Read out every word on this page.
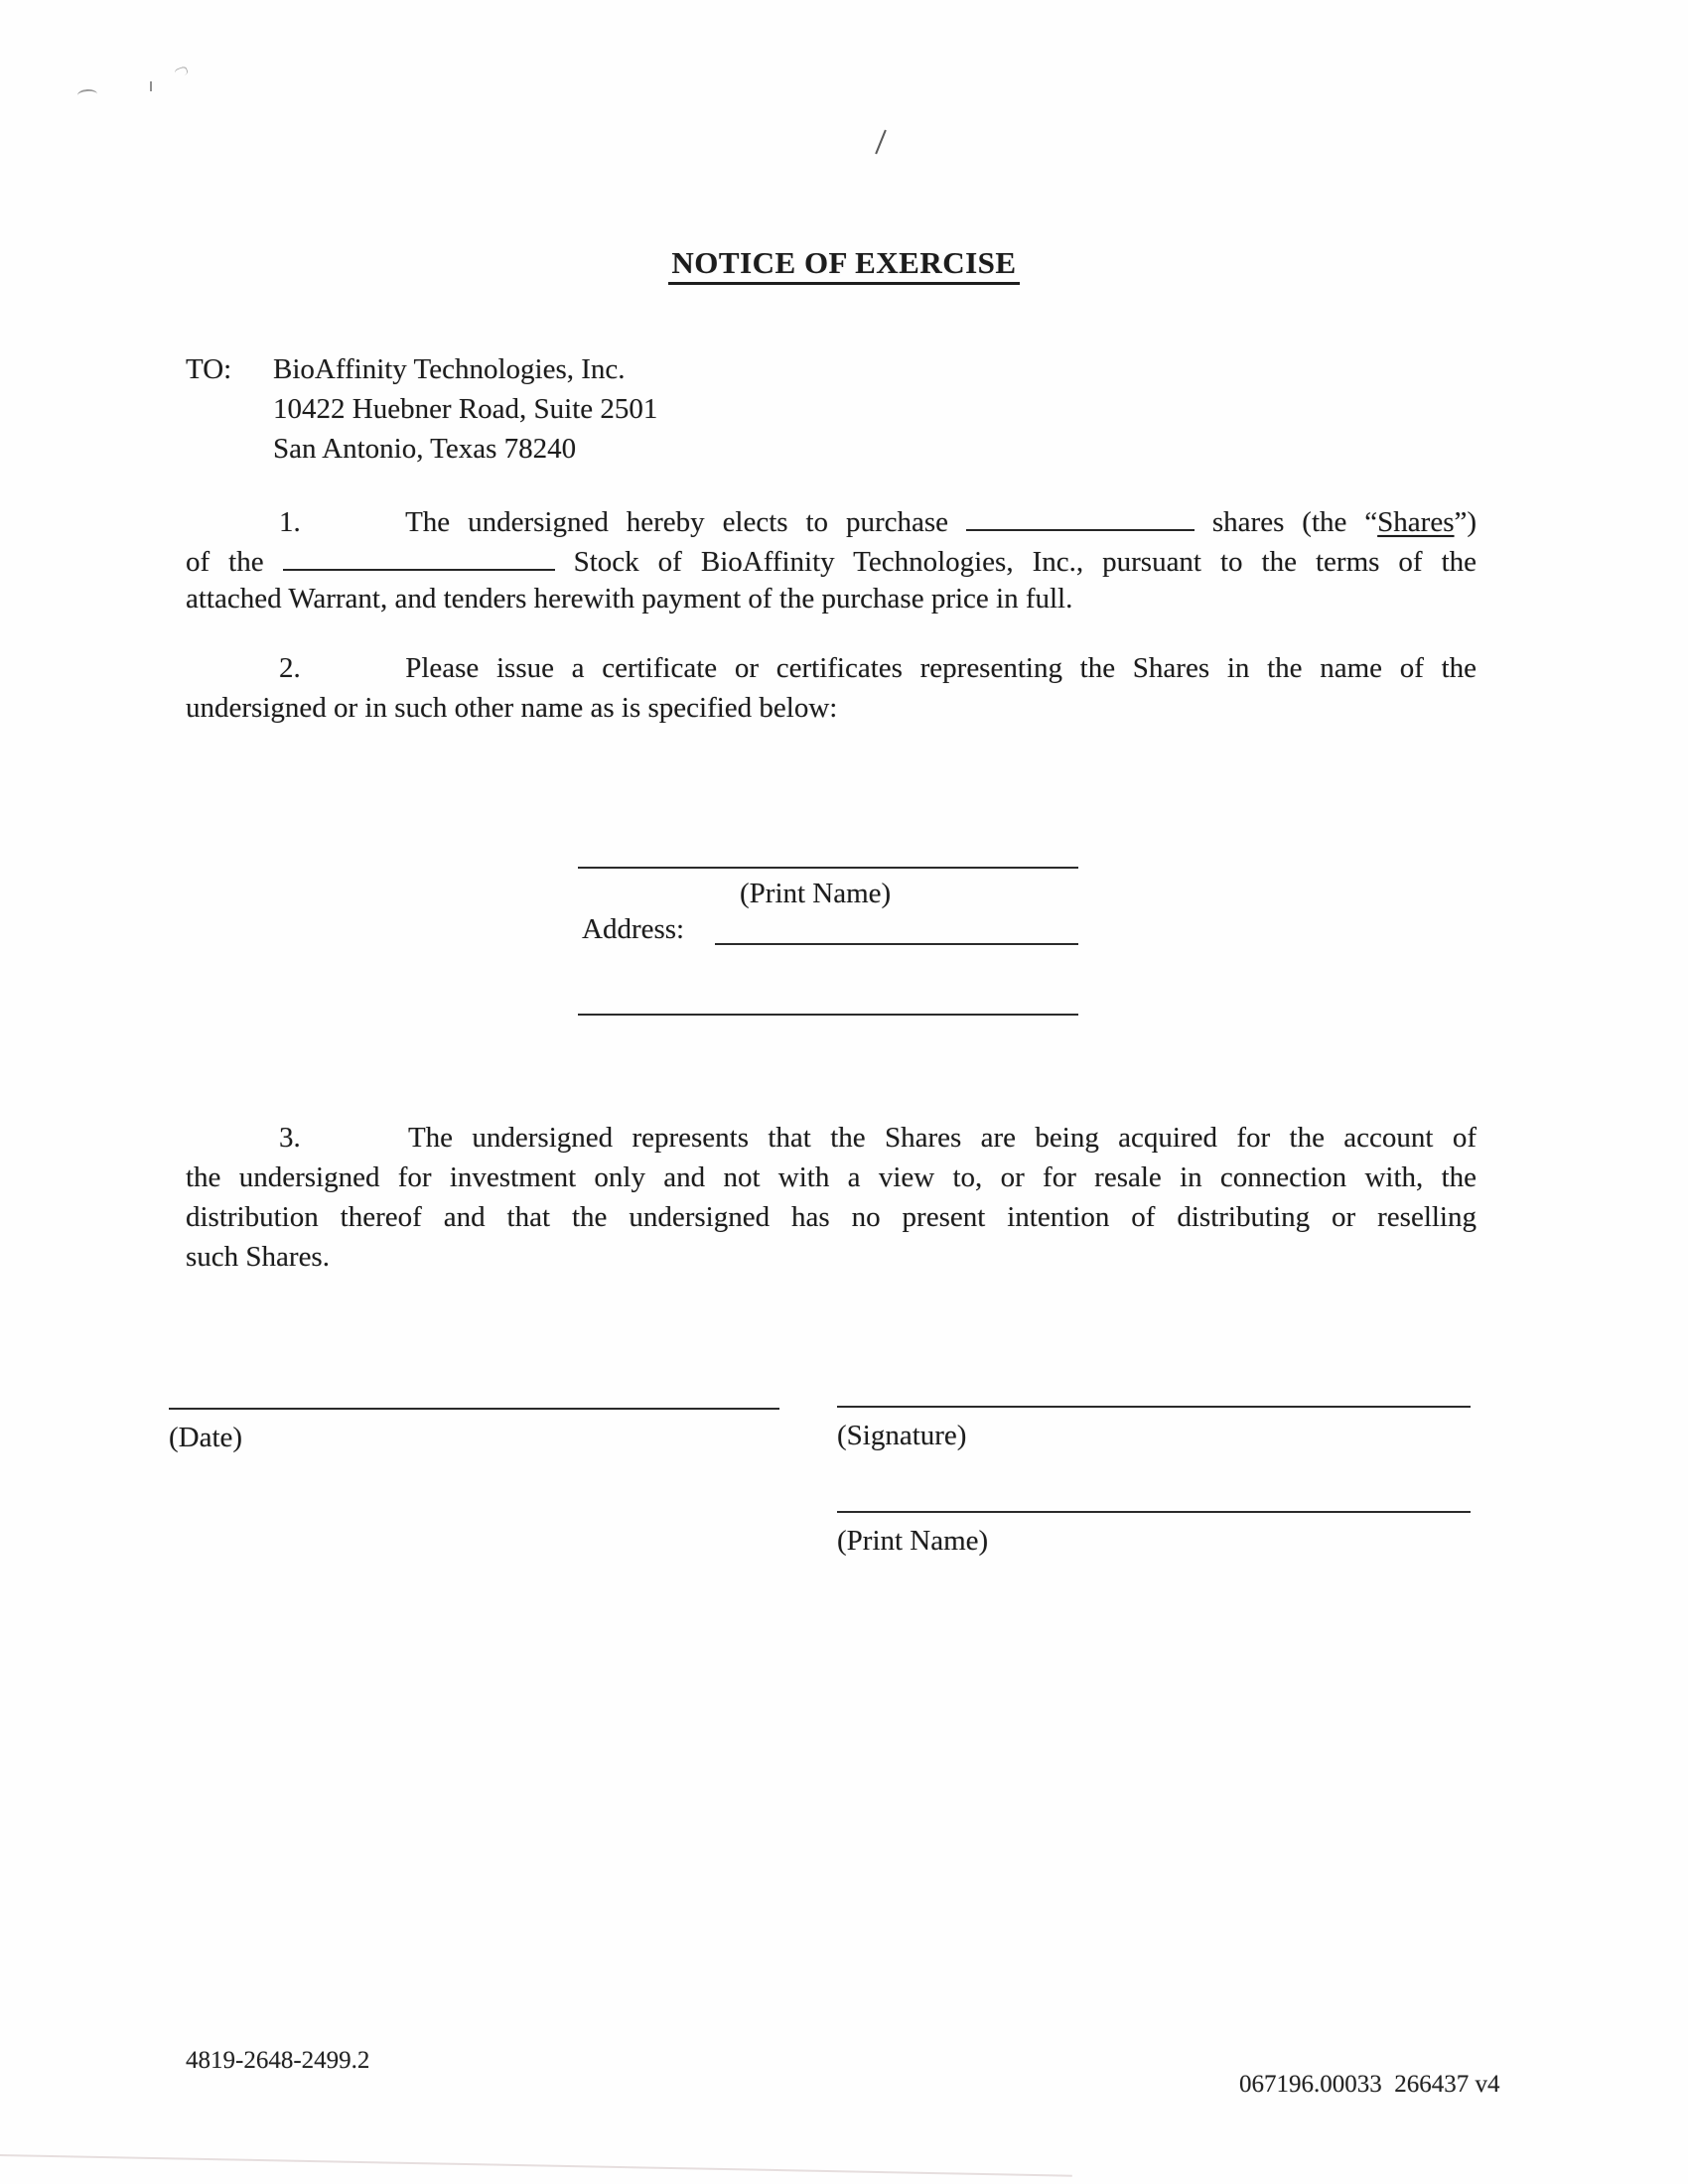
NOTICE OF EXERCISE
TO:	BioAffinity Technologies, Inc.
10422 Huebner Road, Suite 2501
San Antonio, Texas 78240
1.	The undersigned hereby elects to purchase	shares (the “Shares”)
of the	Stock of BioAffinity Technologies, Inc., pursuant to the terms of the
attached Warrant, and tenders herewith payment of the purchase price in full.
2.	Please issue a certificate or certificates representing the Shares in the name of the
undersigned or in such other name as is specified below:
(Print Name)
Address:
3.	The undersigned represents that the Shares are being acquired for the account of
the undersigned for investment only and not with a view to, or for resale in connection with, the
distribution thereof and that the undersigned has no present intention of distributing or reselling
such Shares.
(Date)	(Signature)
(Print Name)
4819-2648-2499.2
067196.00033  266437 v4
